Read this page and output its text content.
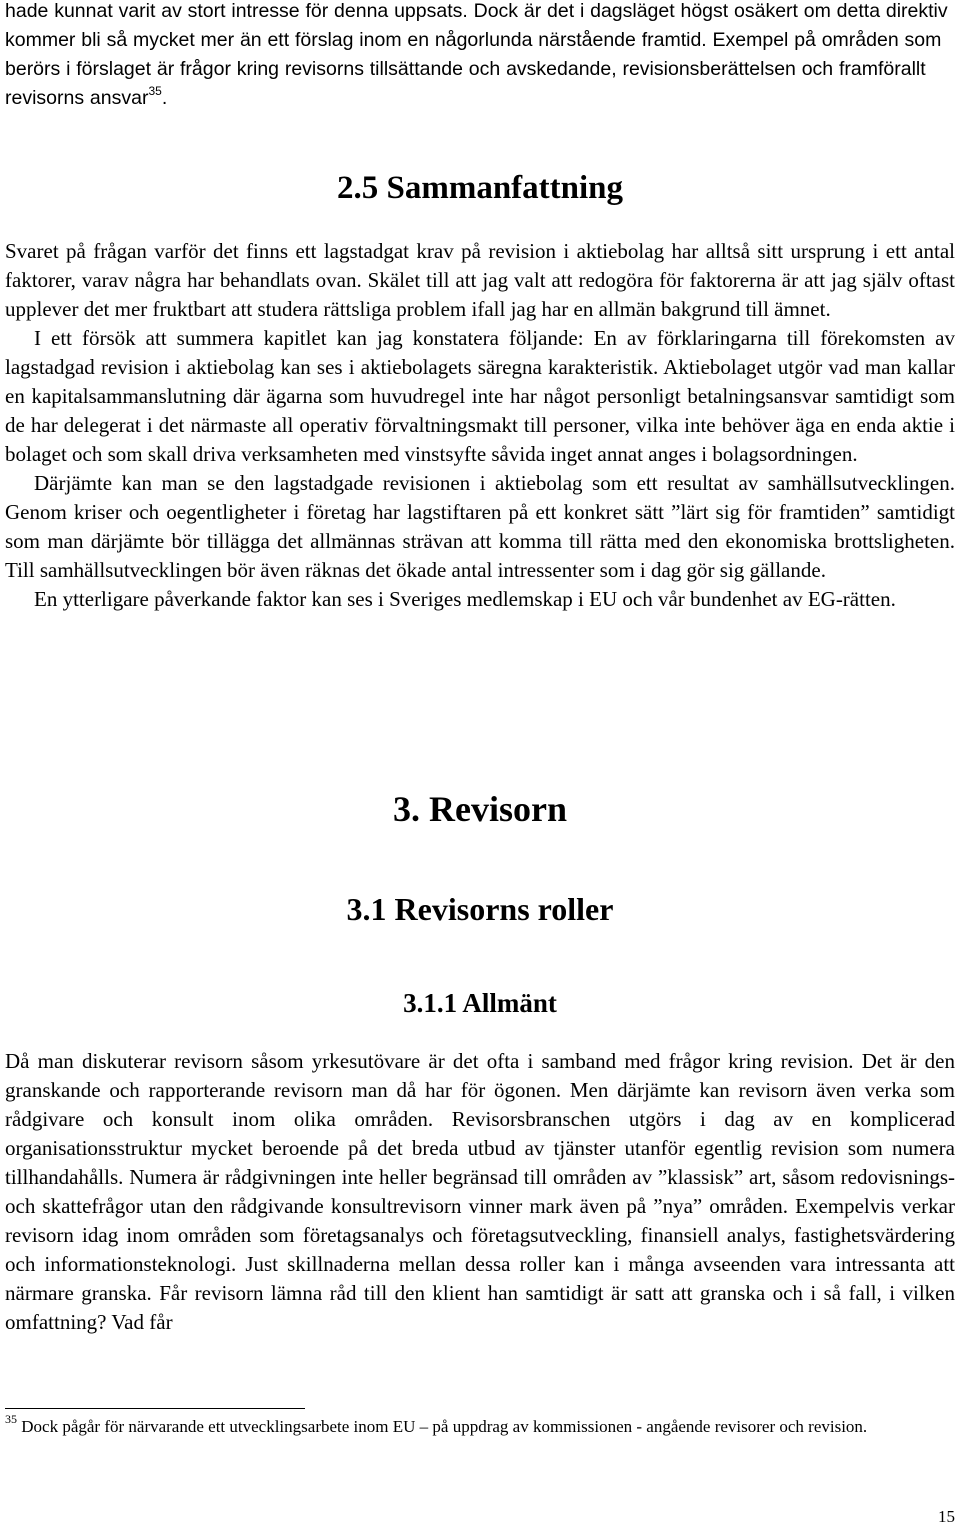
hade kunnat varit av stort intresse för denna uppsats. Dock är det i dagsläget högst osäkert om detta direktiv kommer bli så mycket mer än ett förslag inom en någorlunda närstående framtid. Exempel på områden som berörs i förslaget är frågor kring revisorns tillsättande och avskedande, revisionsberättelsen och framförallt revisorns ansvar$^{35}$.

2.5 Sammanfattning

Svaret på frågan varför det finns ett lagstadgat krav på revision i aktiebolag har alltså sitt ursprung i ett antal faktorer, varav några har behandlats ovan. Skälet till att jag valt att redogöra för faktorerna är att jag själv oftast upplever det mer fruktbart att studera rättsliga problem ifall jag har en allmän bakgrund till ämnet.

I ett försök att summera kapitlet kan jag konstatera följande: En av förklaringarna till förekomsten av lagstadgad revision i aktiebolag kan ses i aktiebolagets säregna karakteristik. Aktiebolaget utgör vad man kallar en kapitalsammanslutning där ägarna som huvudregel inte har något personligt betalningsansvar samtidigt som de har delegerat i det närmaste all operativ förvaltningsmakt till personer, vilka inte behöver äga en enda aktie i bolaget och som skall driva verksamheten med vinstsyfte såvida inget annat anges i bolagsordningen.

Därjämte kan man se den lagstadgade revisionen i aktiebolag som ett resultat av samhällsutvecklingen. Genom kriser och oegentligheter i företag har lagstiftaren på ett konkret sätt ”lärt sig för framtiden” samtidigt som man därjämte bör tillägga det allmännas strävan att komma till rätta med den ekonomiska brottsligheten. Till samhällsutvecklingen bör även räknas det ökade antal intressenter som i dag gör sig gällande.

En ytterligare påverkande faktor kan ses i Sveriges medlemskap i EU och vår bundenhet av EG-rätten.

3. Revisorn
3.1 Revisorns roller
3.1.1 Allmänt

Då man diskuterar revisorn såsom yrkesutövare är det ofta i samband med frågor kring revision. Det är den granskande och rapporterande revisorn man då har för ögonen. Men därjämte kan revisorn även verka som rådgivare och konsult inom olika områden. Revisorsbranschen utgörs i dag av en komplicerad organisationsstruktur mycket beroende på det breda utbud av tjänster utanför egentlig revision som numera tillhandahålls. Numera är rådgivningen inte heller begränsad till områden av ”klassisk” art, såsom redovisnings- och skattefrågor utan den rådgivande konsultrevisorn vinner mark även på ”nya” områden. Exempelvis verkar revisorn idag inom områden som företagsanalys och företagsutveckling, finansiell analys, fastighetsvärdering och informationsteknologi. Just skillnaderna mellan dessa roller kan i många avseenden vara intressanta att närmare granska. Får revisorn lämna råd till den klient han samtidigt är satt att granska och i så fall, i vilken omfattning? Vad får

$^{35}$ Dock pågår för närvarande ett utvecklingsarbete inom EU – på uppdrag av kommissionen - angående revisorer och revision.

15
